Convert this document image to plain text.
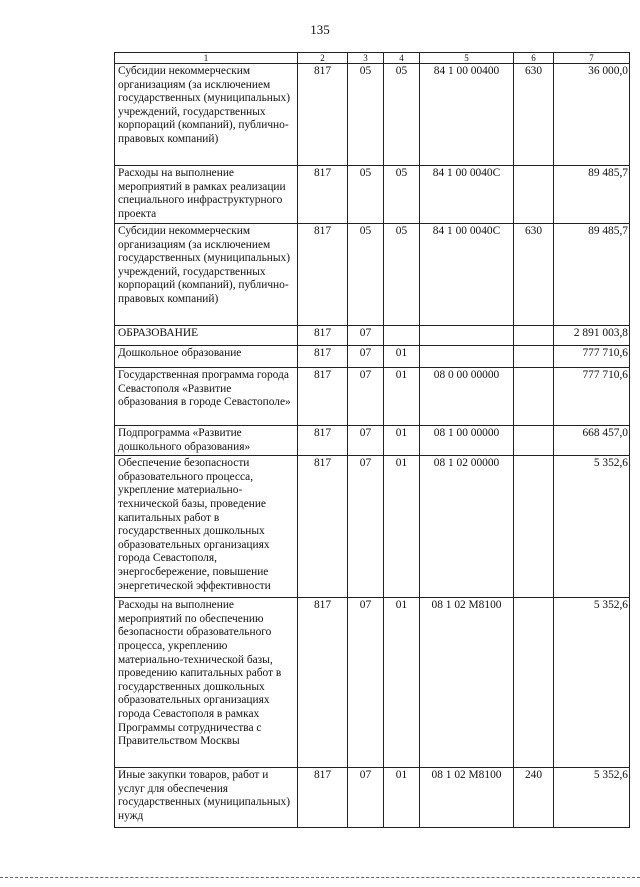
135
1	2	3	4	5	6	7
Субсидии некоммерческим организациям (за исключением государственных (муниципальных) учреждений, государственных корпораций (компаний), публично-правовых компаний)	817	05	05	84 1 00 00400	630	36 000,0
Расходы на выполнение мероприятий в рамках реализации специального инфраструктурного проекта	817	05	05	84 1 00 0040С		89 485,7
Субсидии некоммерческим организациям (за исключением государственных (муниципальных) учреждений, государственных корпораций (компаний), публично-правовых компаний)	817	05	05	84 1 00 0040С	630	89 485,7
ОБРАЗОВАНИЕ	817	07				2 891 003,8
Дошкольное образование	817	07	01			777 710,6
Государственная программа города Севастополя «Развитие образования в городе Севастополе»	817	07	01	08 0 00 00000		777 710,6
Подпрограмма «Развитие дошкольного образования»	817	07	01	08 1 00 00000		668 457,0
Обеспечение безопасности образовательного процесса, укрепление материально-технической базы, проведение капитальных работ в государственных дошкольных образовательных организациях города Севастополя, энергосбережение, повышение энергетической эффективности	817	07	01	08 1 02 00000		5 352,6
Расходы на выполнение мероприятий по обеспечению безопасности образовательного процесса, укреплению материально-технической базы, проведению капитальных работ в государственных дошкольных образовательных организациях города Севастополя в рамках Программы сотрудничества с Правительством Москвы	817	07	01	08 1 02 М8100		5 352,6
Иные закупки товаров, работ и услуг для обеспечения государственных (муниципальных) нужд	817	07	01	08 1 02 М8100	240	5 352,6
